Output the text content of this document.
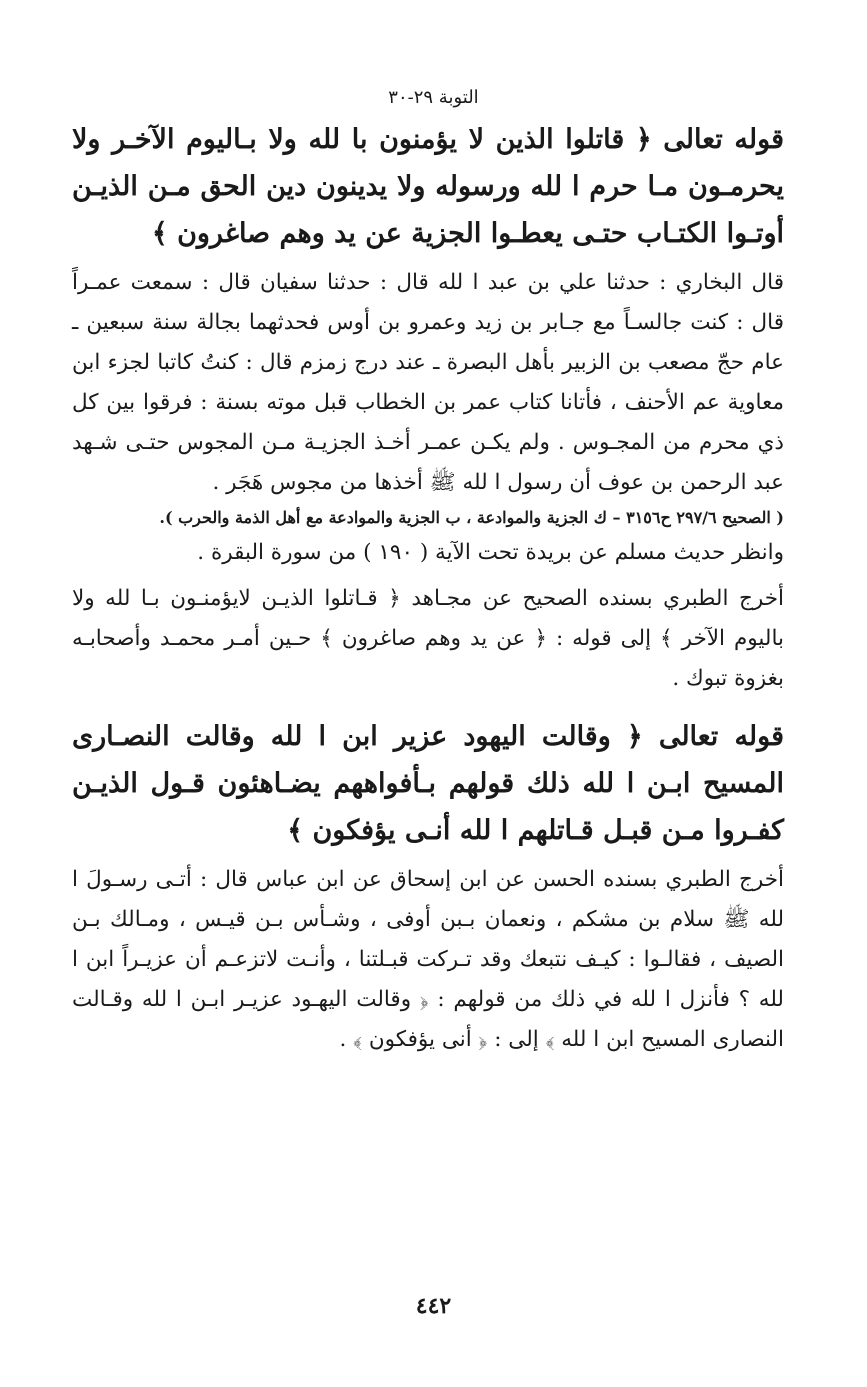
التوبة ٢٩-٣٠

قوله تعالى ﴿ قاتلوا الذين لا يؤمنون با لله ولا بـاليوم الآخـر ولا يحرمـون مـا حرم ا لله ورسوله ولا يدينون دين الحق مـن الذيـن أوتـوا الكتـاب حتـى يعطـوا الجزية عن يد وهم صاغرون ﴾

قال البخاري : حدثنا علي بن عبد ا لله قال : حدثنا سفيان قال : سمعت عمـراً قال : كنت جالسـاً مع جـابر بن زيد وعمرو بن أوس فحدثهما بجالة سنة سبعين ـ عام حجّ مصعب بن الزبير بأهل البصرة ـ عند درج زمزم قال : كنتُ كاتبا لجزء ابن معاوية عم الأحنف ، فأتانا كتاب عمر بن الخطاب قبل موته بسنة : فرقوا بين كل ذي محرم من المجـوس . ولم يكـن عمـر أخـذ الجزيـة مـن المجوس حتـى شـهد عبد الرحمن بن عوف أن رسول ا لله ﷺ أخذها من مجوس هَجَر .

( الصحيح ٢٩٧/٦ ح٣١٥٦ – ك الجزية والموادعة ، ب الجزية والموادعة مع أهل الذمة والحرب ).

وانظر حديث مسلم عن بريدة تحت الآية ( ١٩٠ ) من سورة البقرة .

أخرج الطبري بسنده الصحيح عن مجـاهد ﴿ قـاتلوا الذيـن لايؤمنـون بـا لله ولا باليوم الآخر ﴾ إلى قوله : ﴿ عن يد وهم صاغرون ﴾ حـين أمـر محمـد وأصحابـه بغزوة تبوك .

قوله تعالى ﴿ وقالت اليهود عزير ابن ا لله وقالت النصـارى المسيح ابـن ا لله ذلك قولهم بـأفواههم يضـاهئون قـول الذيـن كفـروا مـن قبـل قـاتلهم ا لله أنـى يؤفكون ﴾

أخرج الطبري بسنده الحسن عن ابن إسحاق عن ابن عباس قال : أتـى رسـولَ ا لله ﷺ سلام بن مشكم ، ونعمان بـبن أوفى ، وشـأس بـن قيـس ، ومـالك بـن الصيف ، فقالـوا : كيـف نتبعك وقد تـركت قبـلتنا ، وأنـت لاتزعـم أن عزيـراً ابن ا لله ؟ فأنزل ا لله في ذلك من قولهم : ﴿ وقالت اليهـود عزيـر ابـن ا لله وقـالت النصارى المسيح ابن ا لله ﴾ إلى : ﴿ أنى يؤفكون ﴾ .

٤٤٢
